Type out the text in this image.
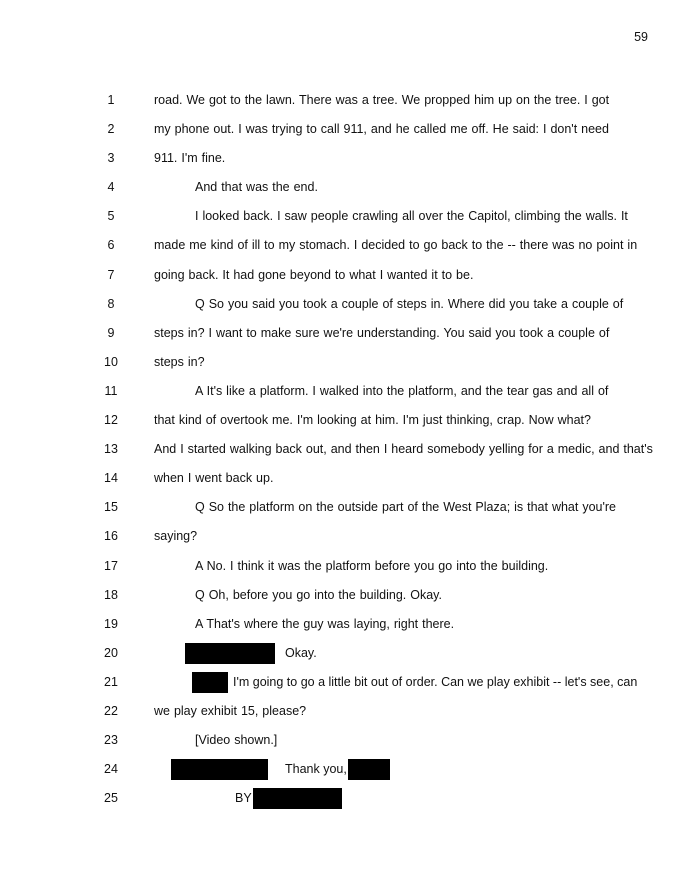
59
1	road. We got to the lawn. There was a tree. We propped him up on the tree. I got
2	my phone out. I was trying to call 911, and he called me off. He said: I don't need
3	911. I'm fine.
4	And that was the end.
5	I looked back. I saw people crawling all over the Capitol, climbing the walls. It
6	made me kind of ill to my stomach. I decided to go back to the -- there was no point in
7	going back. It had gone beyond to what I wanted it to be.
8	Q So you said you took a couple of steps in. Where did you take a couple of
9	steps in? I want to make sure we're understanding. You said you took a couple of
10	steps in?
11	A It's like a platform. I walked into the platform, and the tear gas and all of
12	that kind of overtook me. I'm looking at him. I'm just thinking, crap. Now what?
13	And I started walking back out, and then I heard somebody yelling for a medic, and that's
14	when I went back up.
15	Q So the platform on the outside part of the West Plaza; is that what you're
16	saying?
17	A No. I think it was the platform before you go into the building.
18	Q Oh, before you go into the building. Okay.
19	A That's where the guy was laying, right there.
20	Okay.
21	I'm going to go a little bit out of order. Can we play exhibit -- let's see, can
22	we play exhibit 15, please?
23	[Video shown.]
24	Thank you,
25	BY
